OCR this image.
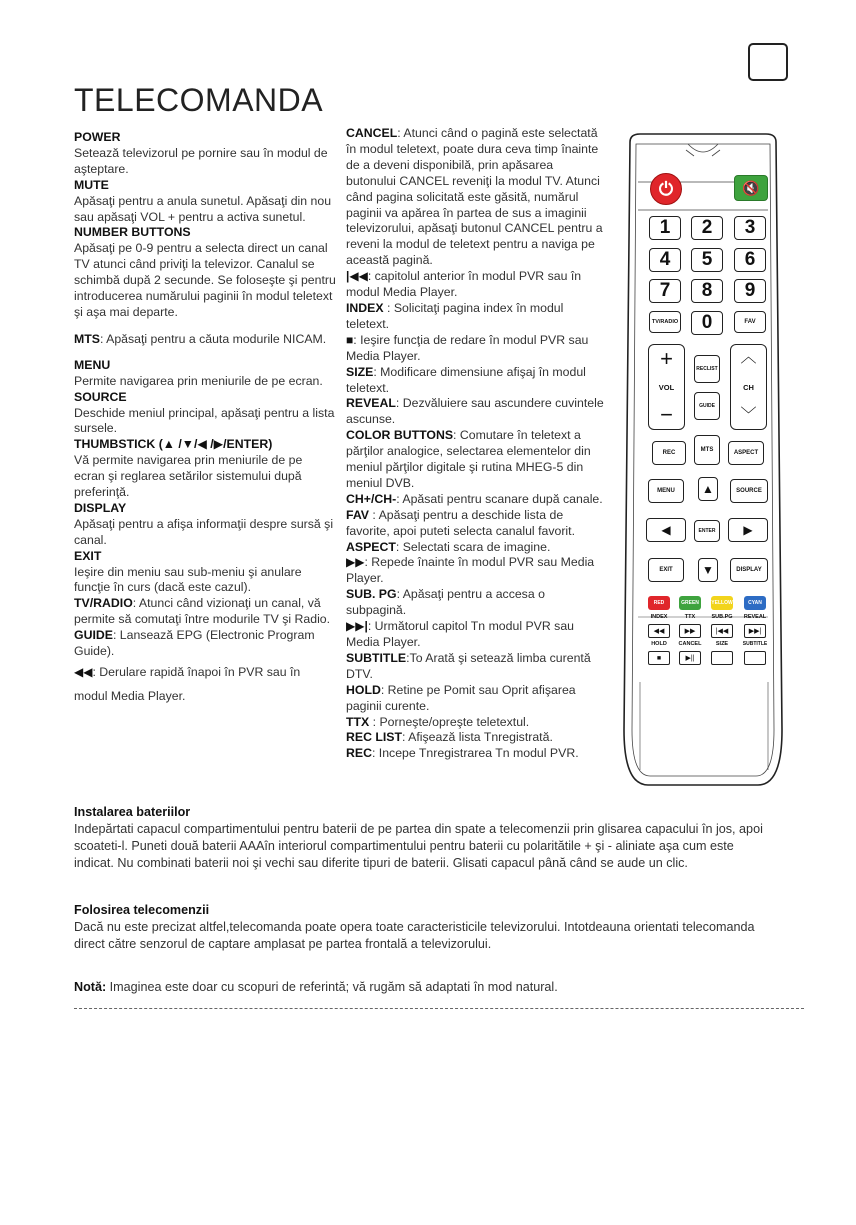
TELECOMANDA

POWER

Setează televizorul pe pornire sau în modul de aşteptare.

MUTE

Apăsaţi pentru a anula sunetul. Apăsaţi din nou sau apăsaţi VOL + pentru a activa sunetul.

NUMBER BUTTONS

Apăsaţi pe 0-9 pentru a selecta direct un canal TV atunci când priviţi la televizor. Canalul se schimbă după 2 secunde. Se foloseşte şi pentru introducerea numărului paginii în modul teletext şi aşa mai departe.

MTS: Apăsaţi pentru a căuta modurile NICAM.

MENU

Permite navigarea prin meniurile de pe ecran.

SOURCE

Deschide meniul principal, apăsaţi pentru a lista sursele.

THUMBSTICK (▲ /▼/◀ /▶/ENTER)

Vă permite navigarea prin meniurile de pe ecran şi reglarea setărilor sistemului după preferinţă.

DISPLAY

Apăsaţi pentru a afişa informaţii despre sursă şi canal.

EXIT

Ieşire din meniu sau sub-meniu şi anulare funcţie în curs (dacă este cazul).

TV/RADIO: Atunci când vizionaţi un canal, vă permite să comutaţi între modurile TV şi Radio.

GUIDE: Lansează EPG (Electronic Program Guide).

◀◀: Derulare rapidă înapoi în PVR sau în modul Media Player.

CANCEL: Atunci când o pagină este selectată în modul teletext, poate dura ceva timp înainte de a deveni disponibilă, prin apăsarea butonului CANCEL reveniţi la modul TV. Atunci când pagina solicitată este găsită, numărul paginii va apărea în partea de sus a imaginii televizorului, apăsaţi butonul CANCEL pentru a reveni la modul de teletext pentru a naviga pe această pagină.

|◀◀: capitolul anterior în modul PVR sau în modul Media Player.

INDEX : Solicitaţi pagina index în modul teletext.

■: Ieşire funcţia de redare în modul PVR sau Media Player.

SIZE: Modificare dimensiune afişaj în modul teletext.

REVEAL: Dezvăluiere sau ascundere cuvintele ascunse.

COLOR BUTTONS: Comutare în teletext a părţilor analogice, selectarea elementelor din meniul părţilor digitale şi rutina MHEG-5 din meniul DVB.

CH+/CH-: Apăsati pentru scanare după canale.

FAV : Apăsaţi pentru a deschide lista de favorite, apoi puteti selecta canalul favorit.

ASPECT: Selectati scara de imagine.

▶▶: Repede înainte în modul PVR sau Media Player.

SUB. PG: Apăsaţi pentru a accesa o subpagină.

▶▶|: Următorul capitol Tn modul PVR sau Media Player.

SUBTITLE:To Arată şi setează limba curentă DTV.

HOLD: Retine pe Pomit sau Oprit afişarea paginii curente.

TTX : Porneşte/opreşte teletextul.

REC LIST: Afişează lista Tnregistrată.

REC: Incepe Tnregistrarea Tn modul PVR.

⏻	🔇
1	2	3
4	5	6
7	8	9
TV/RADIO	0	FAV
+
VOL
−
RECLIST
GUIDE
︿
CH
﹀
REC	MTS	ASPECT
MENU	▲	SOURCE
◀	ENTER	▶
EXIT	▼	DISPLAY
RED	GREEN	YELLOW	CYAN
INDEX	TTX	SUB.PG	REVEAL
◀◀	▶▶	|◀◀	▶▶|
HOLD	CANCEL	SIZE	SUBTITLE
■	▶||

Instalarea bateriilor

Indepărtati capacul compartimentului pentru baterii de pe partea din spate a telecomenzii prin glisarea capacului în jos, apoi scoateti-l. Puneti două baterii AAAîn interiorul compartimentului pentru baterii cu polaritătile + şi - aliniate aşa cum este indicat. Nu combinati baterii noi şi vechi sau diferite tipuri de baterii. Glisati capacul până când se aude un clic.

Folosirea telecomenzii

Dacă nu este precizat altfel,telecomanda poate opera toate caracteristicile televizorului. Intotdeauna orientati telecomanda direct către senzorul de captare amplasat pe partea frontală a televizorului.

Notă: Imaginea este doar cu scopuri de referintă; vă rugăm să adaptati în mod natural.
